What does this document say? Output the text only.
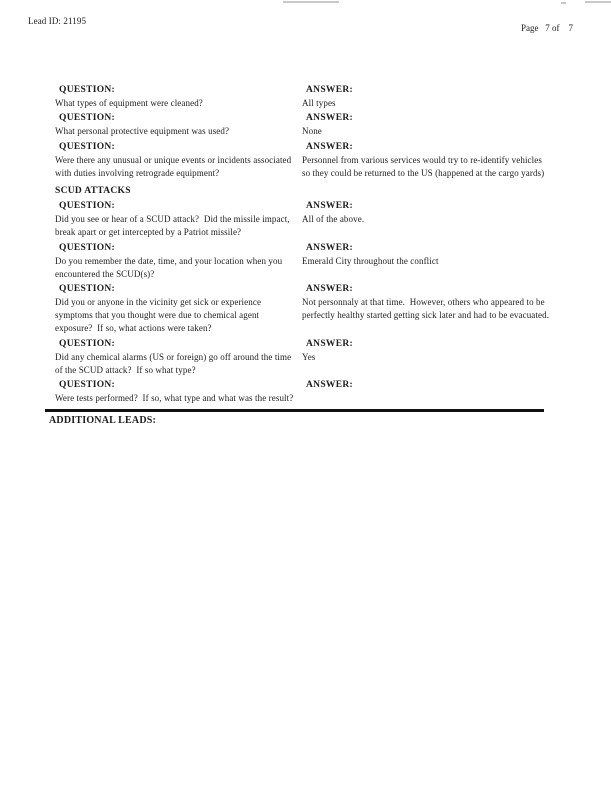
Lead ID: 21195
Page   7 of    7
QUESTION:
What types of equipment were cleaned?
ANSWER:
All types
QUESTION:
What personal protective equipment was used?
ANSWER:
None
QUESTION:
Were there any unusual or unique events or incidents associated with duties involving retrograde equipment?
ANSWER:
Personnel from various services would try to re-identify vehicles so they could be returned to the US (happened at the cargo yards)
SCUD ATTACKS
QUESTION:
Did you see or hear of a SCUD attack?  Did the missile impact, break apart or get intercepted by a Patriot missile?
ANSWER:
All of the above.
QUESTION:
Do you remember the date, time, and your location when you encountered the SCUD(s)?
ANSWER:
Emerald City throughout the conflict
QUESTION:
Did you or anyone in the vicinity get sick or experience symptoms that you thought were due to chemical agent exposure?  If so, what actions were taken?
ANSWER:
Not personnaly at that time.  However, others who appeared to be perfectly healthy started getting sick later and had to be evacuated.
QUESTION:
Did any chemical alarms (US or foreign) go off around the time of the SCUD attack?  If so what type?
ANSWER:
Yes
QUESTION:
Were tests performed?  If so, what type and what was the result?
ANSWER:
ADDITIONAL LEADS:
